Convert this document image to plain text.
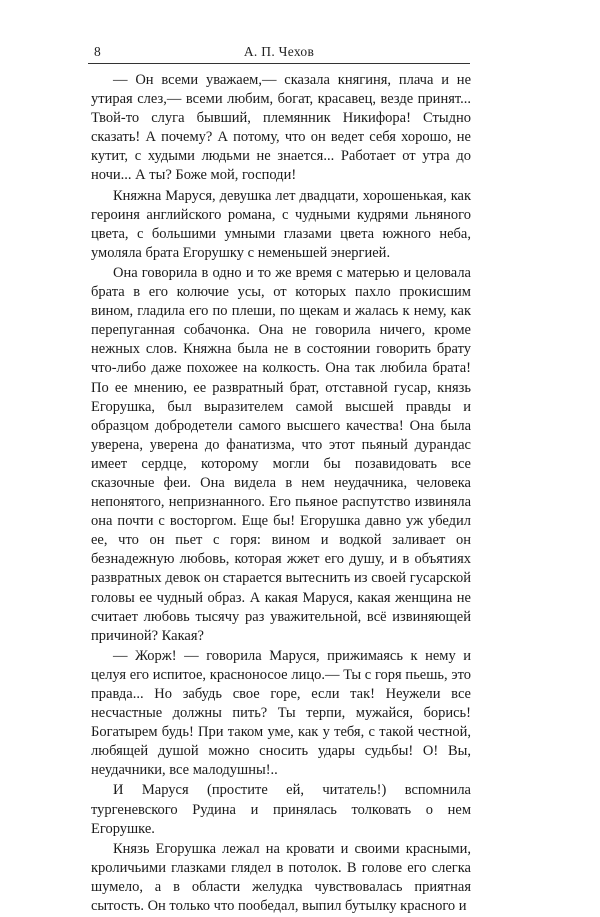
8	А. П. Чехов

— Он всеми уважаем,— сказала княгиня, плача и не утирая слез,— всеми любим, богат, красавец, везде принят... Твой-то слуга бывший, племянник Никифора! Стыдно сказать! А почему? А потому, что он ведет себя хорошо, не кутит, с худыми людьми не знается... Работает от утра до ночи... А ты? Боже мой, господи!

Княжна Маруся, девушка лет двадцати, хорошенькая, как героиня английского романа, с чудными кудрями льняного цвета, с большими умными глазами цвета южного неба, умоляла брата Егорушку с неменьшей энергией.

Она говорила в одно и то же время с матерью и целовала брата в его колючие усы, от которых пахло прокисшим вином, гладила его по плеши, по щекам и жалась к нему, как перепуганная собачонка. Она не говорила ничего, кроме нежных слов. Княжна была не в состоянии говорить брату что-либо даже похожее на колкость. Она так любила брата! По ее мнению, ее развратный брат, отставной гусар, князь Егорушка, был выразителем самой высшей правды и образцом добродетели самого высшего качества! Она была уверена, уверена до фанатизма, что этот пьяный дурандас имеет сердце, которому могли бы позавидовать все сказочные феи. Она видела в нем неудачника, человека непонятого, непризнанного. Его пьяное распутство извиняла она почти с восторгом. Еще бы! Егорушка давно уж убедил ее, что он пьет с горя: вином и водкой заливает он безнадежную любовь, которая жжет его душу, и в объятиях развратных девок он старается вытеснить из своей гусарской головы ее чудный образ. А какая Маруся, какая женщина не считает любовь тысячу раз уважительной, всё извиняющей причиной? Какая?

— Жорж! — говорила Маруся, прижимаясь к нему и целуя его испитое, красноносое лицо.— Ты с горя пьешь, это правда... Но забудь свое горе, если так! Неужели все несчастные должны пить? Ты терпи, мужайся, борись! Богатырем будь! При таком уме, как у тебя, с такой честной, любящей душой можно сносить удары судьбы! О! Вы, неудачники, все малодушны!..

И Маруся (простите ей, читатель!) вспомнила тургеневского Рудина и принялась толковать о нем Егорушке.

Князь Егорушка лежал на кровати и своими красными, кроличьими глазками глядел в потолок. В голове его слегка шумело, а в области желудка чувствовалась приятная сытость. Он только что пообедал, выпил бутылку красного и
